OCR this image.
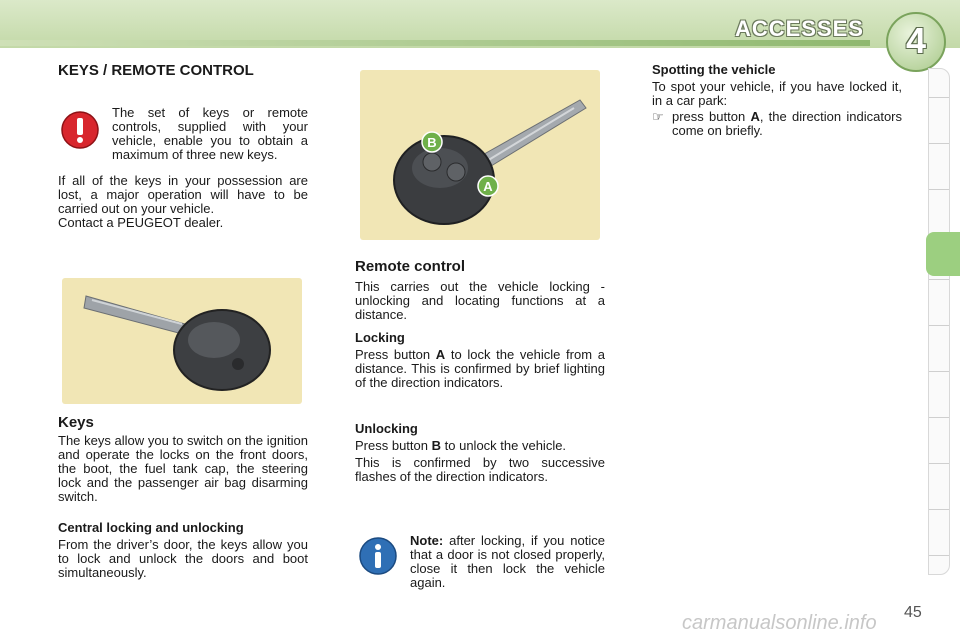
ACCESSES	4
KEYS / REMOTE CONTROL
The set of keys or remote controls, supplied with your vehicle, enable you to obtain a maximum of three new keys.
If all of the keys in your possession are lost, a major operation will have to be carried out on your vehicle.
Contact a PEUGEOT dealer.
Keys
The keys allow you to switch on the ignition and operate the locks on the front doors, the boot, the fuel tank cap, the steering lock and the passenger air bag disarming switch.
Central locking and unlocking
From the driver’s door, the keys allow you to lock and unlock the doors and boot simultaneously.
B
A
Remote control
This carries out the vehicle locking - unlocking and locating functions at a distance.
Locking
Press button A to lock the vehicle from a distance. This is confirmed by brief lighting of the direction indicators.
Unlocking
Press button B to unlock the vehicle.
This is confirmed by two successive flashes of the direction indicators.
Note: after locking, if you notice that a door is not closed properly, close it then lock the vehicle again.
Spotting the vehicle
To spot your vehicle, if you have locked it, in a car park:
☞ press button A, the direction indicators come on briefly.
carmanualsonline.info 45
